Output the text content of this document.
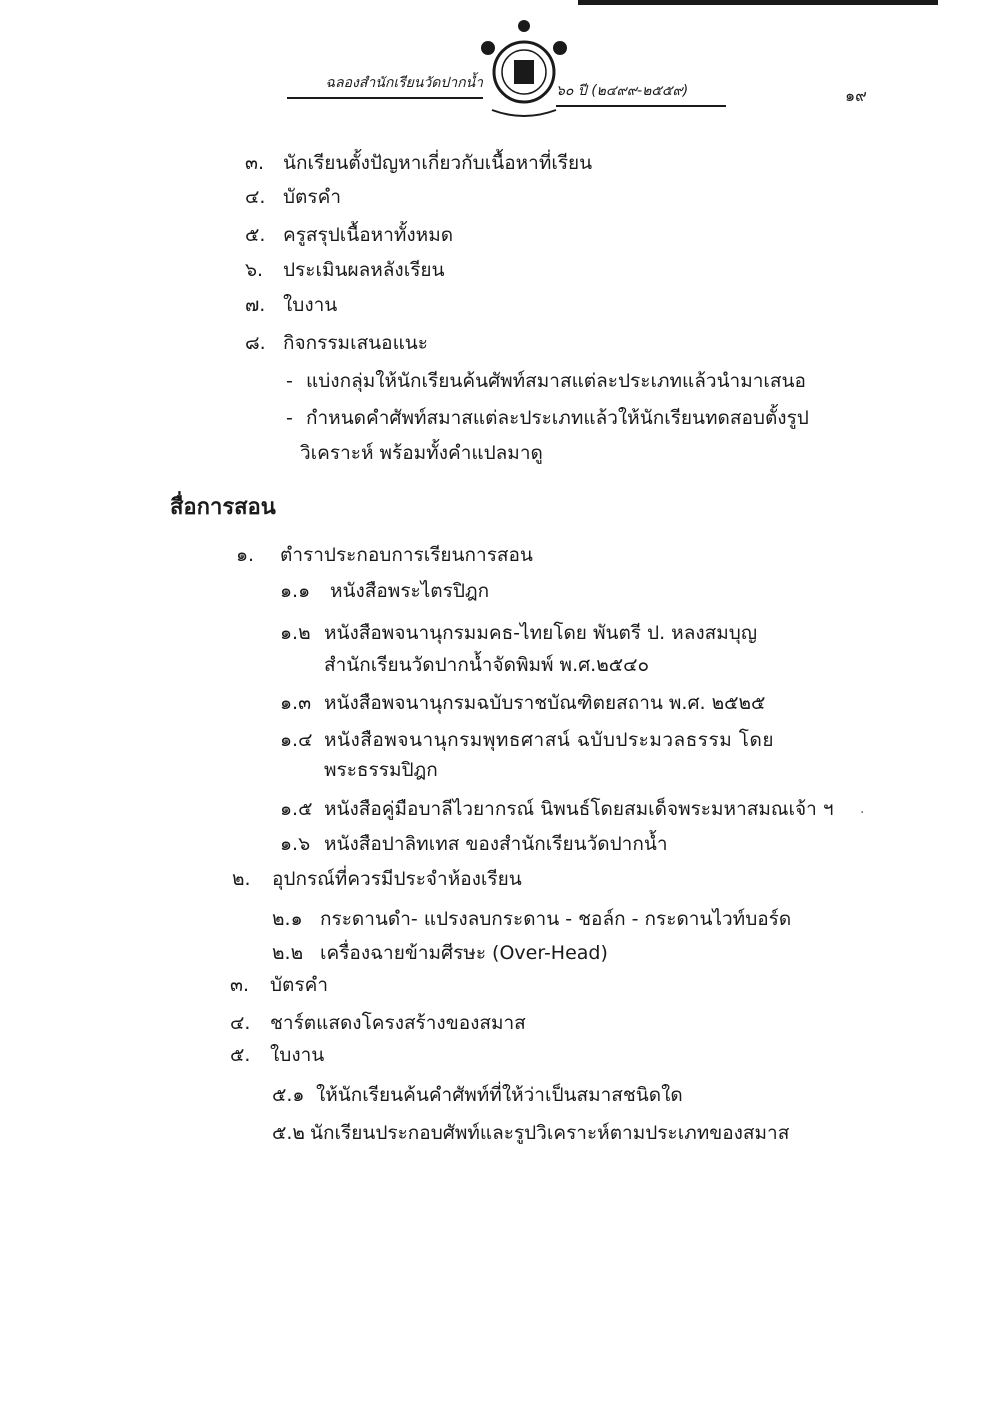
ฉลองสำนักเรียนวัดปากน้ำ	๖๐ ปี (๒๔๙๙-๒๕๕๙)	๑๙
๓. นักเรียนตั้งปัญหาเกี่ยวกับเนื้อหาที่เรียน
๔. บัตรคำ
๕. ครูสรุปเนื้อหาทั้งหมด
๖. ประเมินผลหลังเรียน
๗. ใบงาน
๘. กิจกรรมเสนอแนะ
- แบ่งกลุ่มให้นักเรียนค้นศัพท์สมาสแต่ละประเภทแล้วนำมาเสนอ
- กำหนดคำศัพท์สมาสแต่ละประเภทแล้วให้นักเรียนทดสอบตั้งรูป
วิเคราะห์ พร้อมทั้งคำแปลมาดู
สื่อการสอน
๑. ตำราประกอบการเรียนการสอน
๑.๑ หนังสือพระไตรปิฎก
๑.๒ หนังสือพจนานุกรมมคธ-ไทยโดย พันตรี ป. หลงสมบุญ
สำนักเรียนวัดปากน้ำจัดพิมพ์ พ.ศ.๒๕๔๐
๑.๓ หนังสือพจนานุกรมฉบับราชบัณฑิตยสถาน พ.ศ. ๒๕๒๕
๑.๔ หนังสือพจนานุกรมพุทธศาสน์ ฉบับประมวลธรรม โดย
พระธรรมปิฎก
๑.๕ หนังสือคู่มือบาลีไวยากรณ์ นิพนธ์โดยสมเด็จพระมหาสมณเจ้า ฯ
๑.๖ หนังสือปาลิทเทส ของสำนักเรียนวัดปากน้ำ
๒. อุปกรณ์ที่ควรมีประจำห้องเรียน
๒.๑ กระดานดำ- แปรงลบกระดาน - ชอล์ก - กระดานไวท์บอร์ด
๒.๒ เครื่องฉายข้ามศีรษะ (Over-Head)
๓. บัตรคำ
๔. ชาร์ตแสดงโครงสร้างของสมาส
๕. ใบงาน
๕.๑ ให้นักเรียนค้นคำศัพท์ที่ให้ว่าเป็นสมาสชนิดใด
๕.๒ นักเรียนประกอบศัพท์และรูปวิเคราะห์ตามประเภทของสมาส
·
